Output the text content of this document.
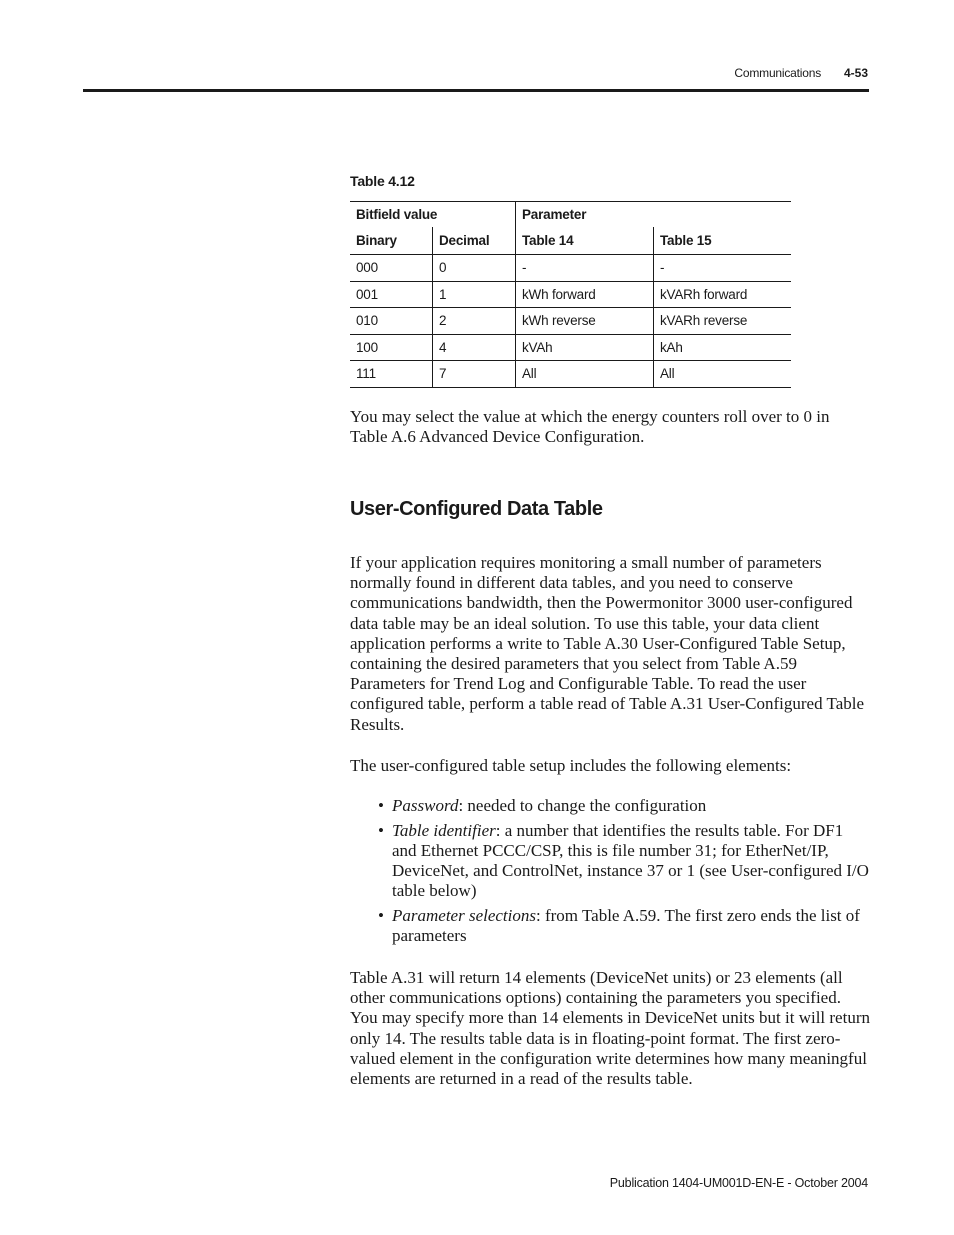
Communications 4-53
Table 4.12
Bitfield value		Parameter	
Binary	Decimal	Table 14	Table 15
000	0	-	-
001	1	kWh forward	kVARh forward
010	2	kWh reverse	kVARh reverse
100	4	kVAh	kAh
111	7	All	All

You may select the value at which the energy counters roll over to 0 in Table A.6 Advanced Device Configuration.

User-Configured Data Table

If your application requires monitoring a small number of parameters normally found in different data tables, and you need to conserve communications bandwidth, then the Powermonitor 3000 user-configured data table may be an ideal solution. To use this table, your data client application performs a write to Table A.30 User-Configured Table Setup, containing the desired parameters that you select from Table A.59 Parameters for Trend Log and Configurable Table. To read the user configured table, perform a table read of Table A.31 User-Configured Table Results.

The user-configured table setup includes the following elements:

• Password: needed to change the configuration
• Table identifier: a number that identifies the results table. For DF1 and Ethernet PCCC/CSP, this is file number 31; for EtherNet/IP, DeviceNet, and ControlNet, instance 37 or 1 (see User-configured I/O table below)
• Parameter selections: from Table A.59. The first zero ends the list of parameters

Table A.31 will return 14 elements (DeviceNet units) or 23 elements (all other communications options) containing the parameters you specified. You may specify more than 14 elements in DeviceNet units but it will return only 14. The results table data is in floating-point format. The first zero-valued element in the configuration write determines how many meaningful elements are returned in a read of the results table.

Publication 1404-UM001D-EN-E - October 2004
